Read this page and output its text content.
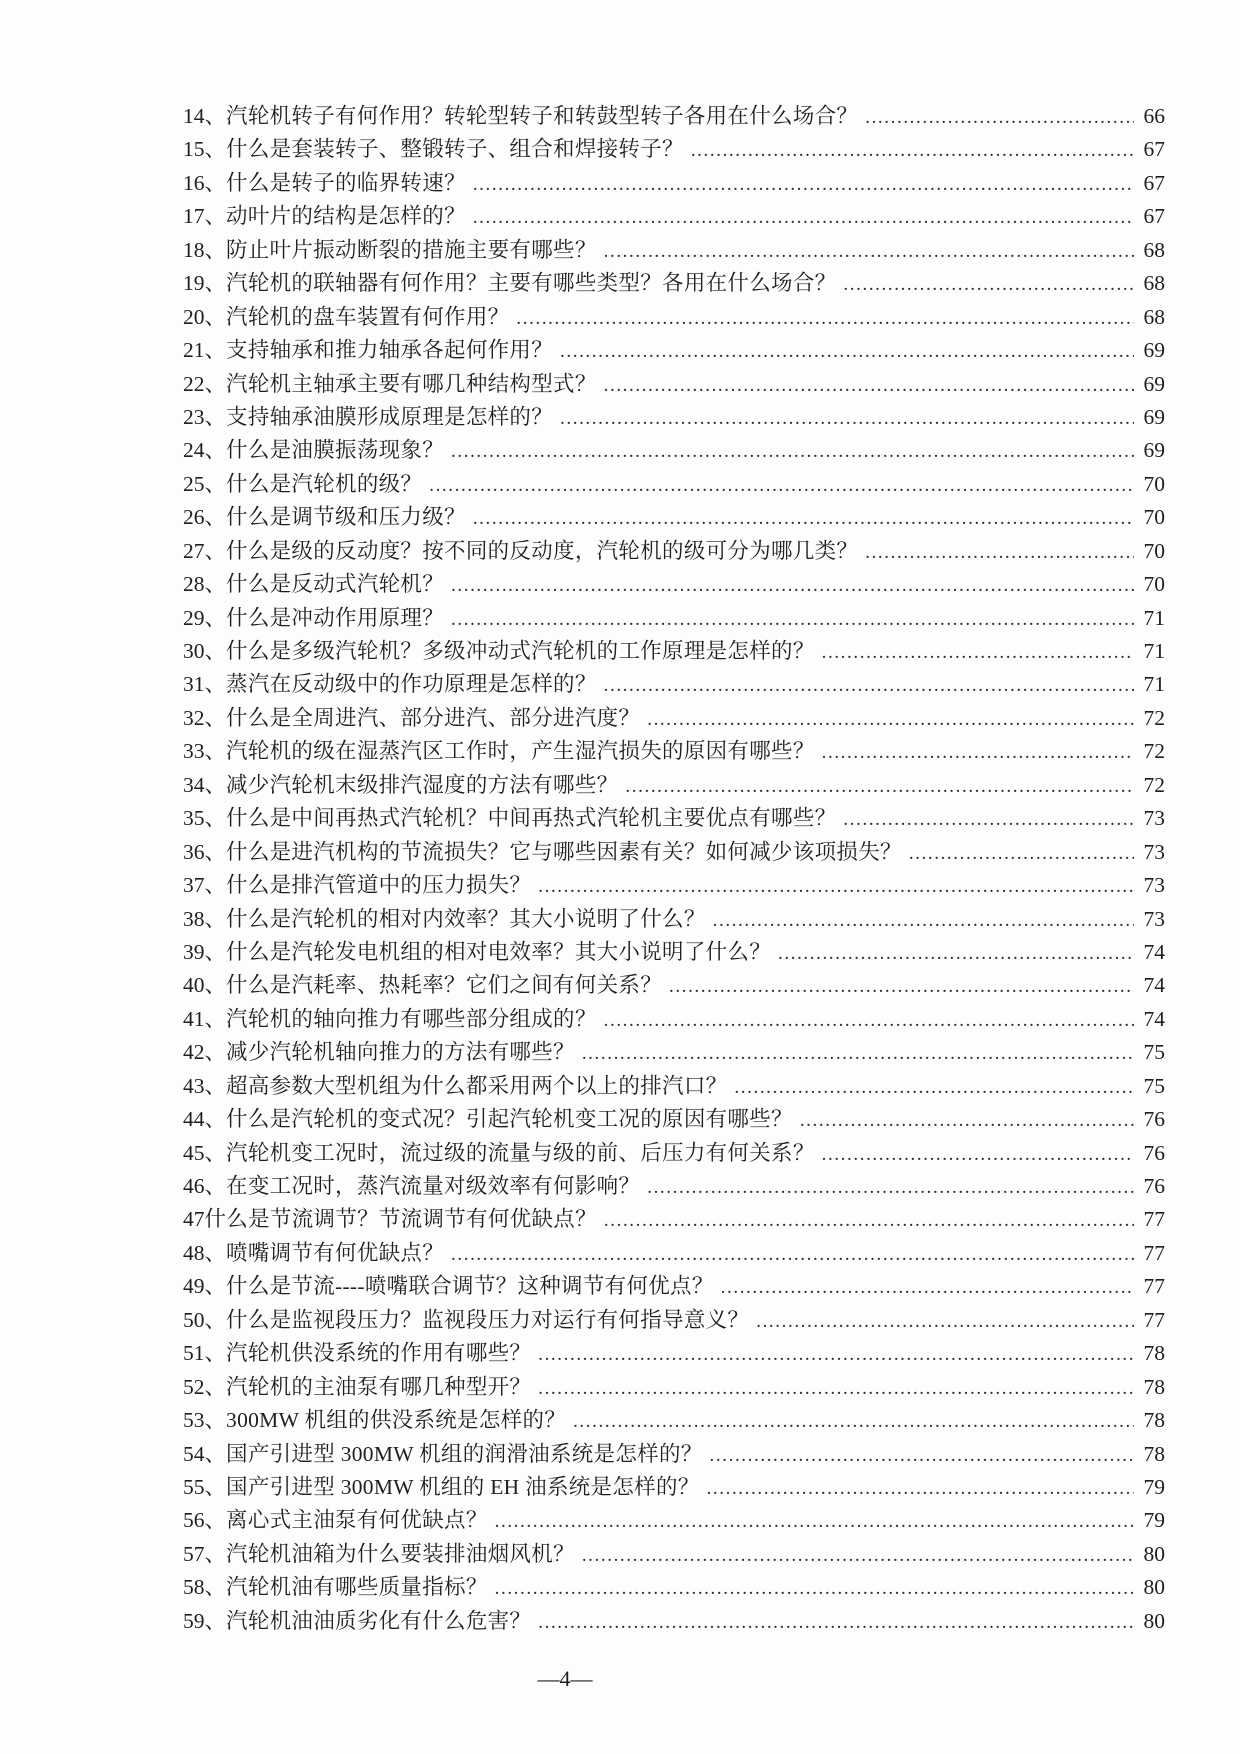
14、 汽轮机转子有何作用？转轮型转子和转鼓型转子各用在什么场合？ .....	66
15、 什么是套装转子、整锻转子、组合和焊接转子？ .....	67
16、 什么是转子的临界转速？ .....	67
17、 动叶片的结构是怎样的？ .....	67
18、 防止叶片振动断裂的措施主要有哪些？ .....	68
19、 汽轮机的联轴器有何作用？主要有哪些类型？各用在什么场合？ .....	68
20、 汽轮机的盘车装置有何作用？ .....	68
21、 支持轴承和推力轴承各起何作用？ .....	69
22、 汽轮机主轴承主要有哪几种结构型式？ .....	69
23、 支持轴承油膜形成原理是怎样的？ .....	69
24、 什么是油膜振荡现象？ .....	69
25、 什么是汽轮机的级？ .....	70
26、 什么是调节级和压力级？ .....	70
27、 什么是级的反动度？按不同的反动度，汽轮机的级可分为哪几类？ .....	70
28、 什么是反动式汽轮机？ .....	70
29、 什么是冲动作用原理？ .....	71
30、 什么是多级汽轮机？多级冲动式汽轮机的工作原理是怎样的？ .....	71
31、 蒸汽在反动级中的作功原理是怎样的？ .....	71
32、 什么是全周进汽、部分进汽、部分进汽度？ .....	72
33、 汽轮机的级在湿蒸汽区工作时，产生湿汽损失的原因有哪些？ .....	72
34、 减少汽轮机末级排汽湿度的方法有哪些？ .....	72
35、 什么是中间再热式汽轮机？中间再热式汽轮机主要优点有哪些？ .....	73
36、 什么是进汽机构的节流损失？它与哪些因素有关？如何减少该项损失？ .....	73
37、 什么是排汽管道中的压力损失？ .....	73
38、 什么是汽轮机的相对内效率？其大小说明了什么？ .....	73
39、 什么是汽轮发电机组的相对电效率？其大小说明了什么？ .....	74
40、 什么是汽耗率、热耗率？它们之间有何关系？ .....	74
41、 汽轮机的轴向推力有哪些部分组成的？ .....	74
42、 减少汽轮机轴向推力的方法有哪些？ .....	75
43、 超高参数大型机组为什么都采用两个以上的排汽口？ .....	75
44、 什么是汽轮机的变式况？引起汽轮机变工况的原因有哪些？ .....	76
45、 汽轮机变工况时，流过级的流量与级的前、后压力有何关系？ .....	76
46、 在变工况时，蒸汽流量对级效率有何影响？ .....	76
47 什么是节流调节？节流调节有何优缺点？ .....	77
48、 喷嘴调节有何优缺点？ .....	77
49、 什么是节流----喷嘴联合调节？这种调节有何优点？ .....	77
50、 什么是监视段压力？监视段压力对运行有何指导意义？ .....	77
51、 汽轮机供没系统的作用有哪些？ .....	78
52、 汽轮机的主油泵有哪几种型开？ .....	78
53、 300MW 机组的供没系统是怎样的？ .....	78
54、 国产引进型 300MW 机组的润滑油系统是怎样的？ .....	78
55、 国产引进型 300MW 机组的 EH 油系统是怎样的？ .....	79
56、 离心式主油泵有何优缺点？ .....	79
57、 汽轮机油箱为什么要装排油烟风机？ .....	80
58、 汽轮机油有哪些质量指标？ .....	80
59、 汽轮机油油质劣化有什么危害？ .....	80
—4—
